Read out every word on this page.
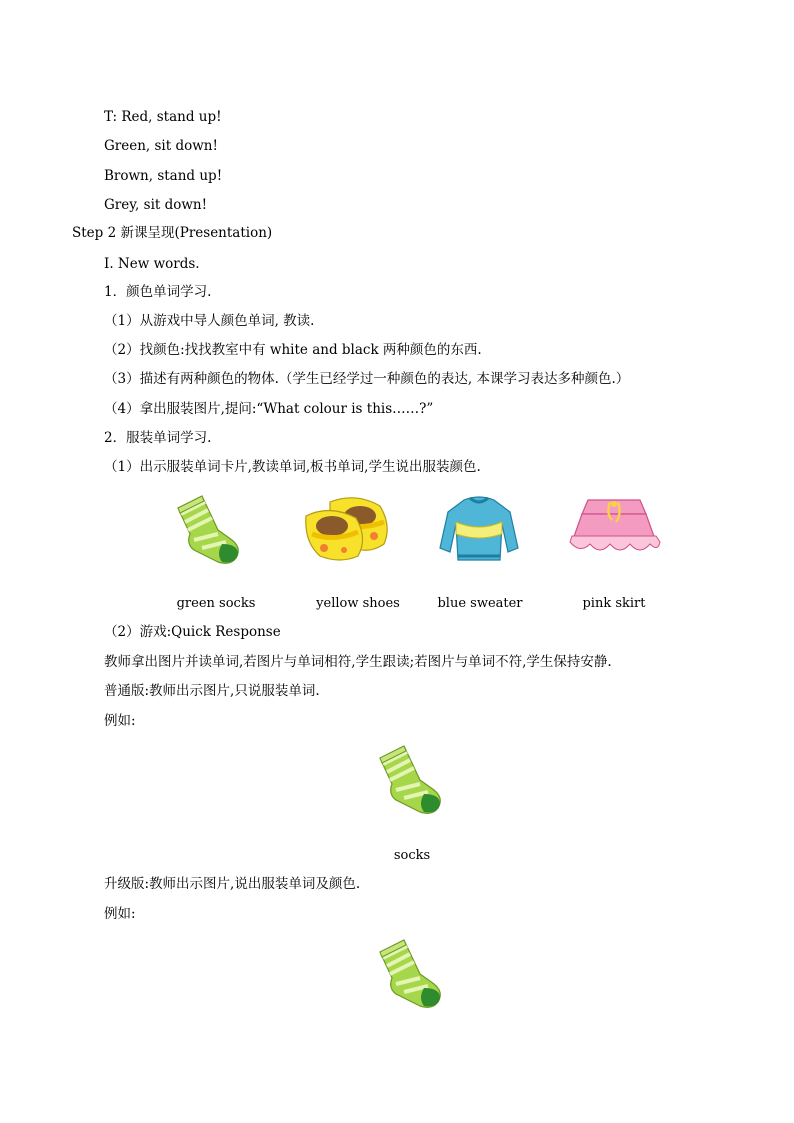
T: Red, stand up!
Green, sit down!
Brown, stand up!
Grey, sit down!
Step 2 新课呈现(Presentation)
I. New words.
1．颜色单词学习.
（1）从游戏中导人颜色单词, 教读.
（2）找颜色:找找教室中有 white and black 两种颜色的东西.
（3）描述有两种颜色的物体.（学生已经学过一种颜色的表达, 本课学习表达多种颜色.）
（4）拿出服装图片,提问:“What colour is this……?”
2．服装单词学习.
（1）出示服装单词卡片,教读单词,板书单词,学生说出服装颜色.
green socks	yellow shoes	blue sweater	pink skirt
（2）游戏:Quick Response
教师拿出图片并读单词,若图片与单词相符,学生跟读;若图片与单词不符,学生保持安静.
普通版:教师出示图片,只说服装单词.
例如:
socks
升级版:教师出示图片,说出服装单词及颜色.
例如:
